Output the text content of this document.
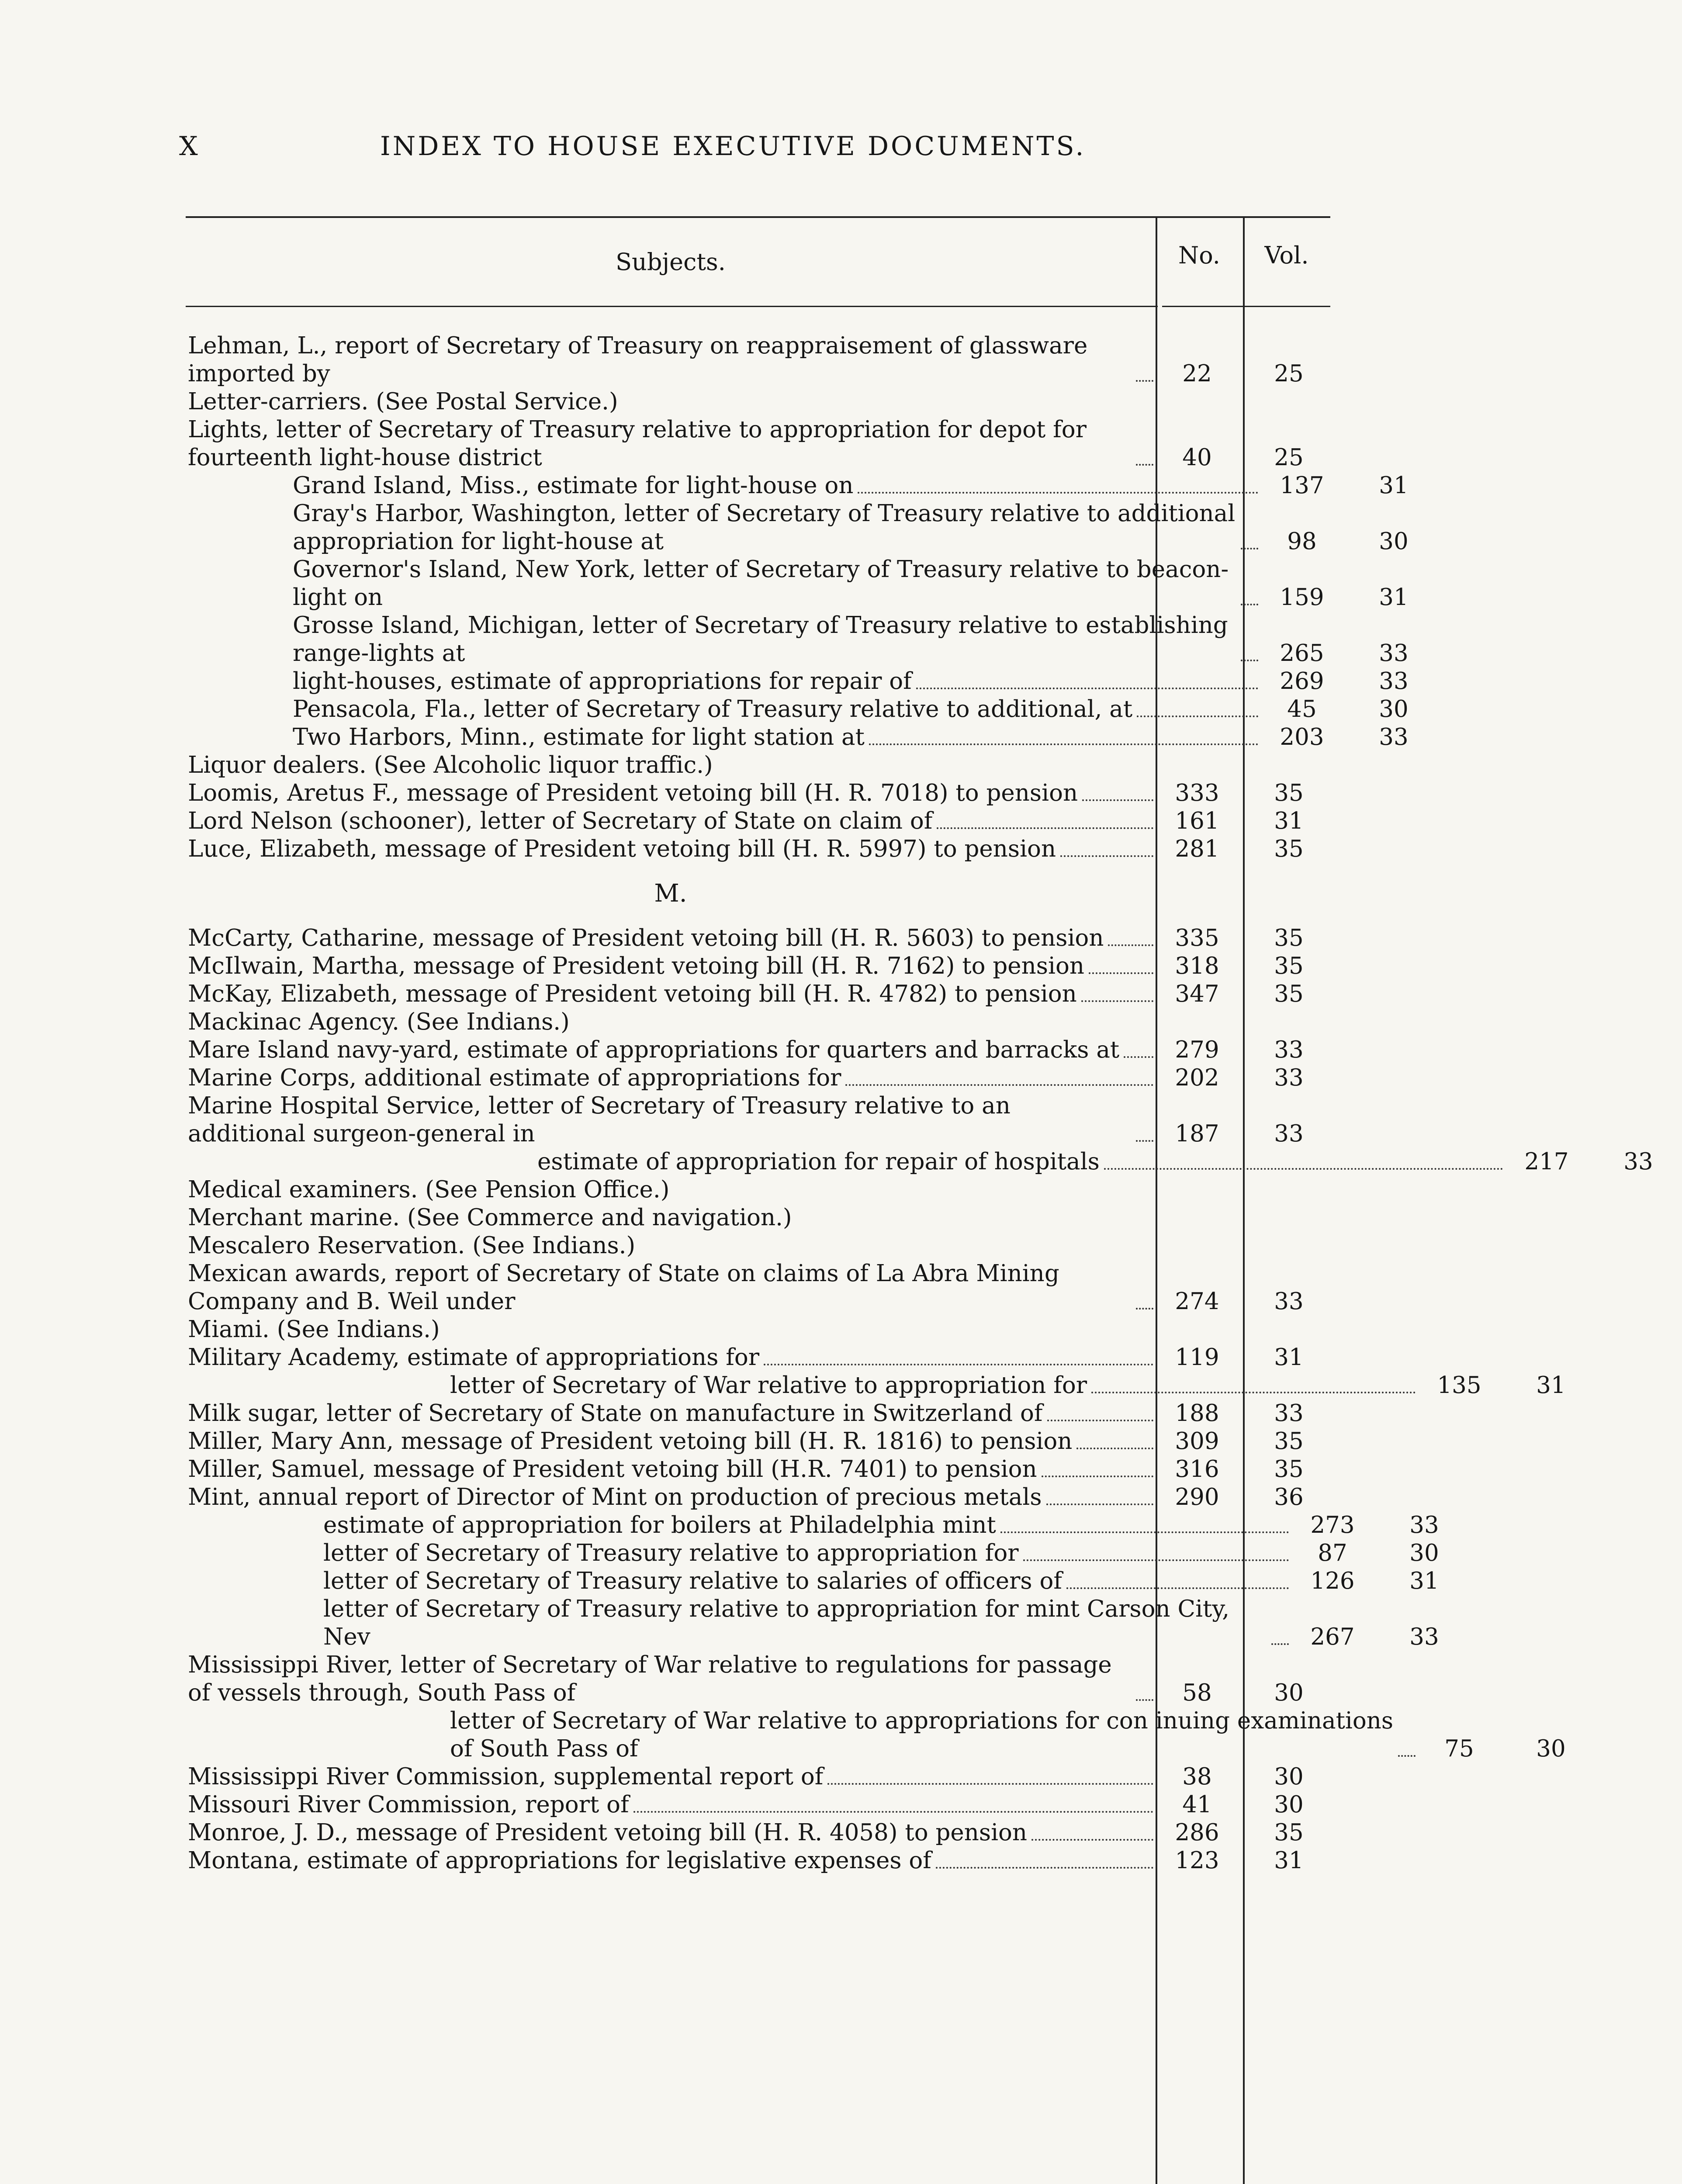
X	INDEX TO HOUSE EXECUTIVE DOCUMENTS.
Subjects.	No.	Vol.
Lehman, L., report of Secretary of Treasury on reappraisement of glassware imported by	22	25
Letter-carriers. (See Postal Service.)
Lights, letter of Secretary of Treasury relative to appropriation for depot for fourteenth light-house district	40	25
Grand Island, Miss., estimate for light-house on	137	31
Gray's Harbor, Washington, letter of Secretary of Treasury relative to additional appropriation for light-house at	98	30
Governor's Island, New York, letter of Secretary of Treasury relative to beacon-light on	159	31
Grosse Island, Michigan, letter of Secretary of Treasury relative to establishing range-lights at	265	33
light-houses, estimate of appropriations for repair of	269	33
Pensacola, Fla., letter of Secretary of Treasury relative to additional, at	45	30
Two Harbors, Minn., estimate for light station at	203	33
Liquor dealers. (See Alcoholic liquor traffic.)
Loomis, Aretus F., message of President vetoing bill (H. R. 7018) to pension	333	35
Lord Nelson (schooner), letter of Secretary of State on claim of	161	31
Luce, Elizabeth, message of President vetoing bill (H. R. 5997) to pension	281	35
M.
McCarty, Catharine, message of President vetoing bill (H. R. 5603) to pension	335	35
McIlwain, Martha, message of President vetoing bill (H. R. 7162) to pension	318	35
McKay, Elizabeth, message of President vetoing bill (H. R. 4782) to pension	347	35
Mackinac Agency. (See Indians.)
Mare Island navy-yard, estimate of appropriations for quarters and barracks at	279	33
Marine Corps, additional estimate of appropriations for	202	33
Marine Hospital Service, letter of Secretary of Treasury relative to an additional surgeon-general in	187	33
estimate of appropriation for repair of hospitals	217	33
Medical examiners. (See Pension Office.)
Merchant marine. (See Commerce and navigation.)
Mescalero Reservation. (See Indians.)
Mexican awards, report of Secretary of State on claims of La Abra Mining Company and B. Weil under	274	33
Miami. (See Indians.)
Military Academy, estimate of appropriations for	119	31
letter of Secretary of War relative to appropriation for	135	31
Milk sugar, letter of Secretary of State on manufacture in Switzerland of	188	33
Miller, Mary Ann, message of President vetoing bill (H. R. 1816) to pension	309	35
Miller, Samuel, message of President vetoing bill (H.R. 7401) to pension	316	35
Mint, annual report of Director of Mint on production of precious metals	290	36
estimate of appropriation for boilers at Philadelphia mint	273	33
letter of Secretary of Treasury relative to appropriation for	87	30
letter of Secretary of Treasury relative to salaries of officers of	126	31
letter of Secretary of Treasury relative to appropriation for mint Carson City, Nev	267	33
Mississippi River, letter of Secretary of War relative to regulations for passage of vessels through, South Pass of	58	30
letter of Secretary of War relative to appropriations for con inuing examinations of South Pass of	75	30
Mississippi River Commission, supplemental report of	38	30
Missouri River Commission, report of	41	30
Monroe, J. D., message of President vetoing bill (H. R. 4058) to pension	286	35
Montana, estimate of appropriations for legislative expenses of	123	31
